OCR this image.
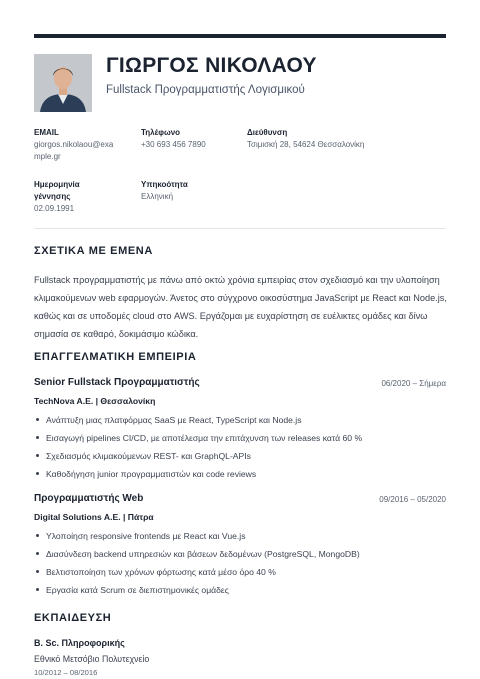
ΓΙΩΡΓΟΣ ΝΙΚΟΛΑΟΥ
Fullstack Προγραμματιστής Λογισμικού
EMAIL
giorgos.nikolaou@exa
mple.gr
Τηλέφωνο
+30 693 456 7890
Διεύθυνση
Τσιμισκή 28, 54624 Θεσσαλονίκη
Ημερομηνία
γέννησης
02.09.1991
Υπηκοότητα
Ελληνική
ΣΧΕΤΙΚΑ ΜΕ ΕΜΕΝΑ
Fullstack προγραμματιστής με πάνω από οκτώ χρόνια εμπειρίας στον σχεδιασμό και την υλοποίηση κλιμακούμενων web εφαρμογών. Άνετος στο σύγχρονο οικοσύστημα JavaScript με React και Node.js, καθώς και σε υποδομές cloud στο AWS. Εργάζομαι με ευχαρίστηση σε ευέλικτες ομάδες και δίνω σημασία σε καθαρό, δοκιμάσιμο κώδικα.
ΕΠΑΓΓΕΛΜΑΤΙΚΗ ΕΜΠΕΙΡΙΑ
Senior Fullstack Προγραμματιστής	06/2020 – Σήμερα
TechNova A.E. | Θεσσαλονίκη
Ανάπτυξη μιας πλατφόρμας SaaS με React, TypeScript και Node.js
Εισαγωγή pipelines CI/CD, με αποτέλεσμα την επιτάχυνση των releases κατά 60 %
Σχεδιασμός κλιμακούμενων REST- και GraphQL-APIs
Καθοδήγηση junior προγραμματιστών και code reviews
Προγραμματιστής Web	09/2016 – 05/2020
Digital Solutions A.E. | Πάτρα
Υλοποίηση responsive frontends με React και Vue.js
Διασύνδεση backend υπηρεσιών και βάσεων δεδομένων (PostgreSQL, MongoDB)
Βελτιστοποίηση των χρόνων φόρτωσης κατά μέσο όρο 40 %
Εργασία κατά Scrum σε διεπιστημονικές ομάδες
ΕΚΠΑΙΔΕΥΣΗ
B. Sc. Πληροφορικής
Εθνικό Μετσόβιο Πολυτεχνείο
10/2012 – 08/2016
